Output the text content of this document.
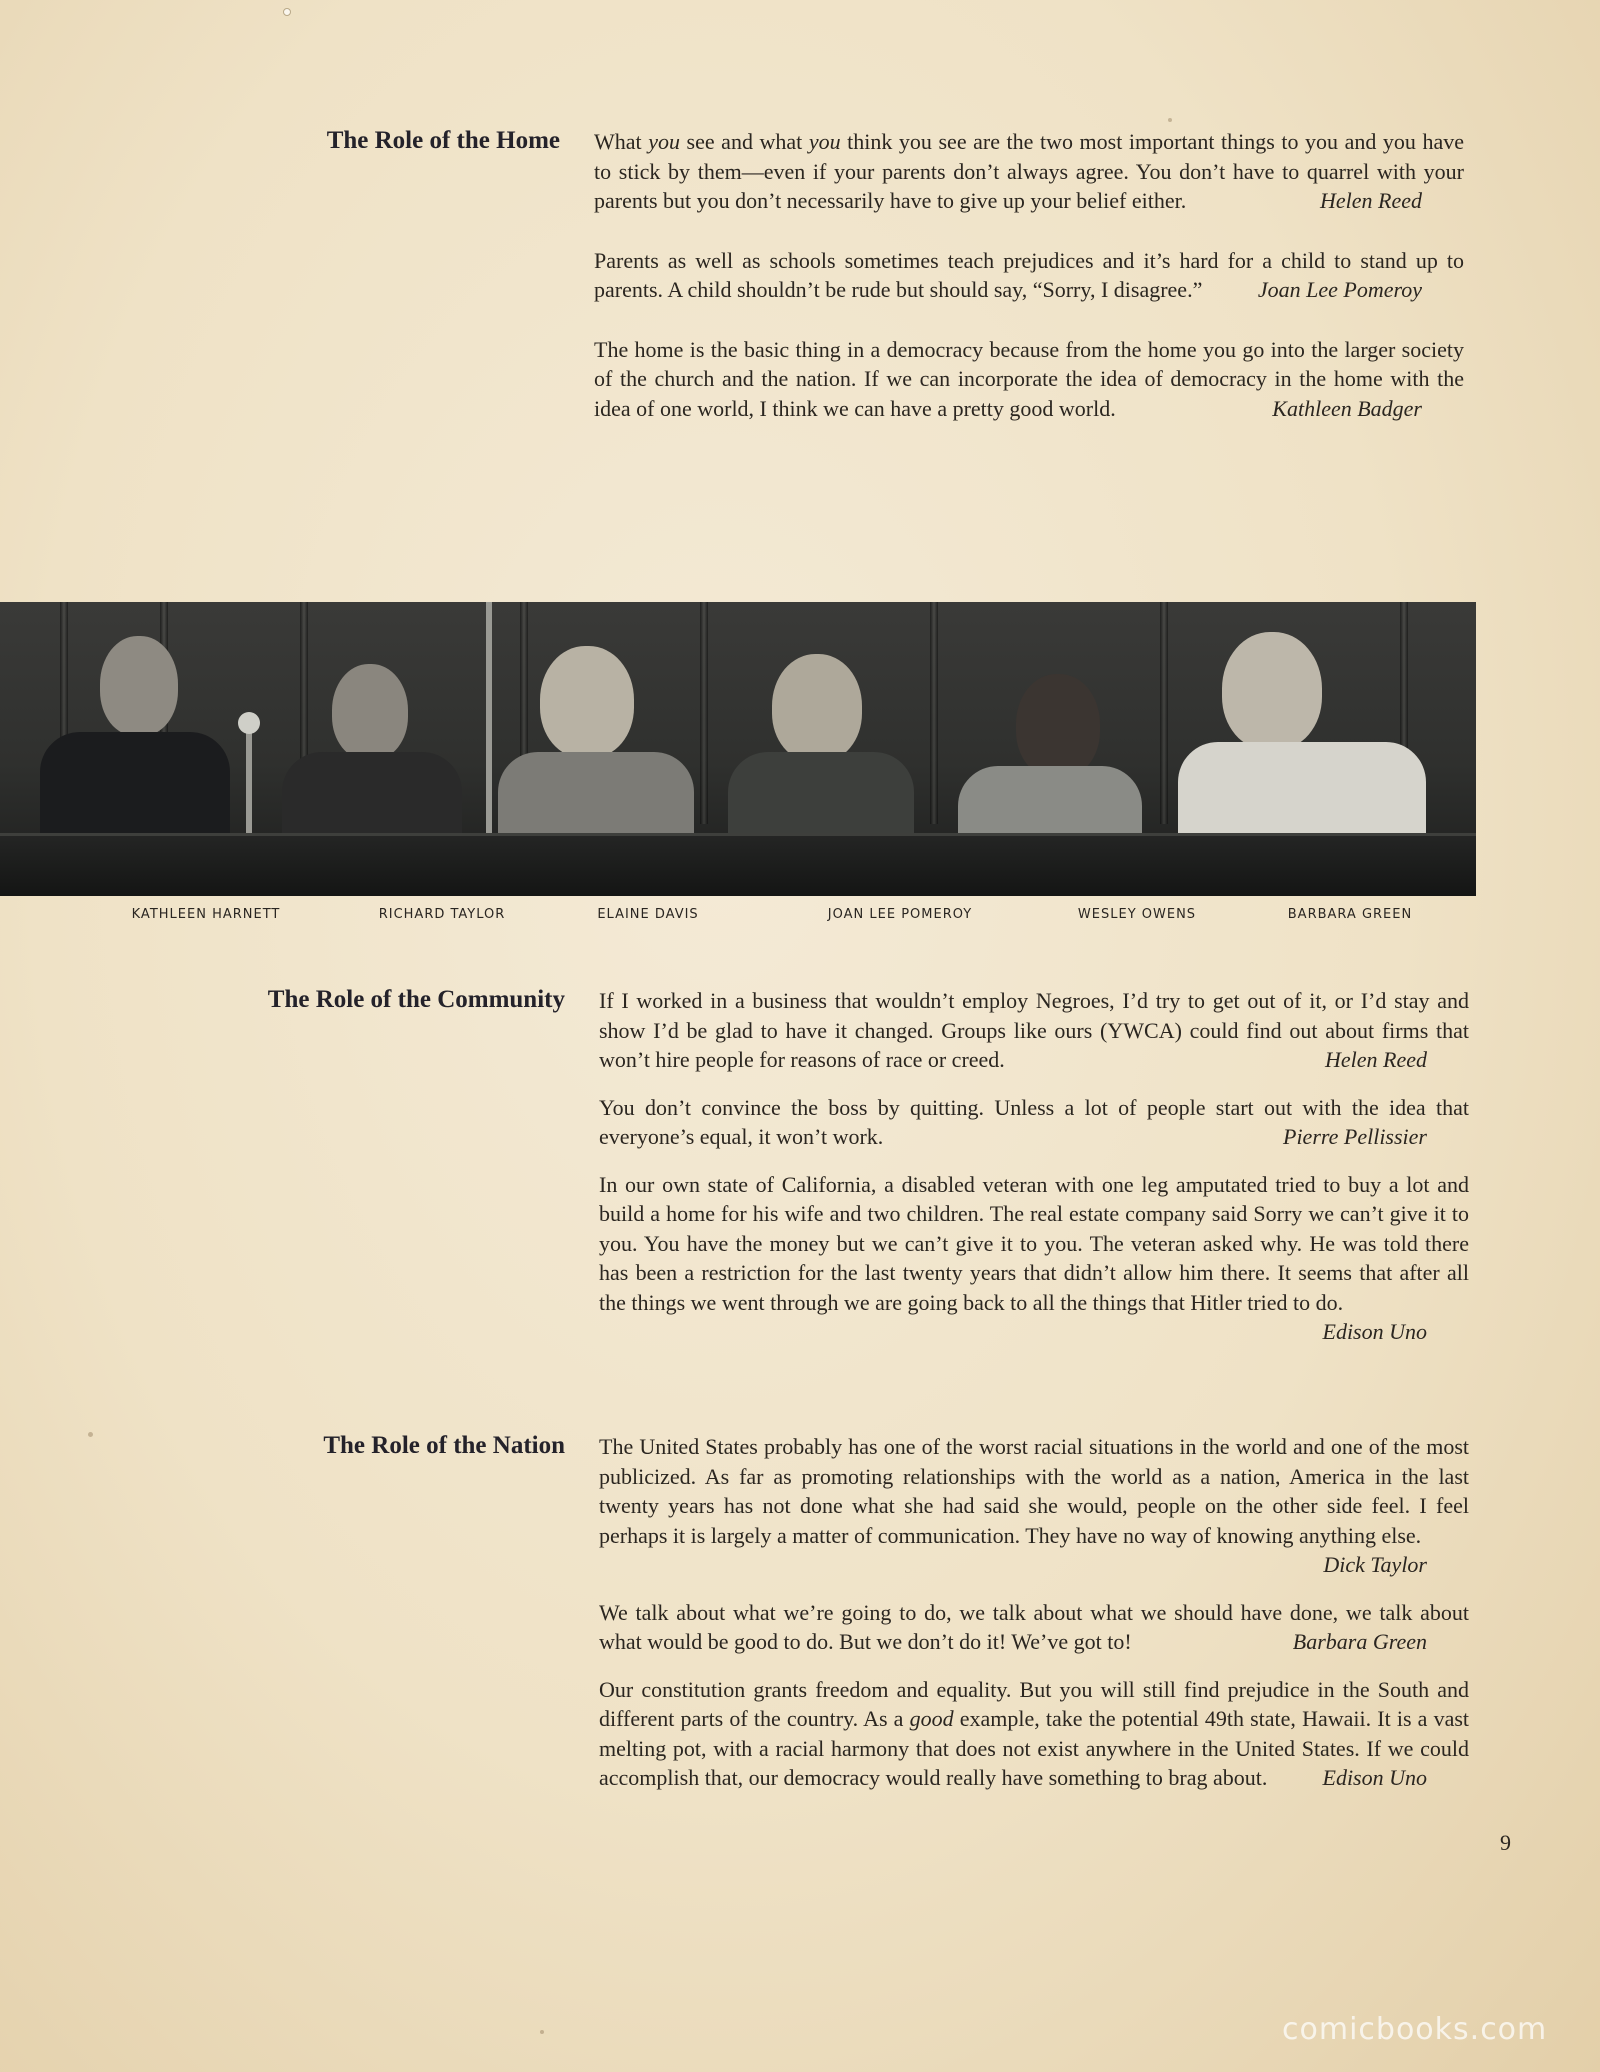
The Role of the Home What you see and what you think you see are the two most important things to you and you have to stick by them—even if your parents don’t always agree. You don’t have to quarrel with your parents but you don’t necessarily have to give up your belief either.	Helen Reed

Parents as well as schools sometimes teach prejudices and it’s hard for a child to stand up to parents. A child shouldn’t be rude but should say, “Sorry, I disagree.”	Joan Lee Pomeroy

The home is the basic thing in a democracy because from the home you go into the larger society of the church and the nation. If we can incorporate the idea of democracy in the home with the idea of one world, I think we can have a pretty good world.	Kathleen Badger

KATHLEEN HARNETT	RICHARD TAYLOR	ELAINE DAVIS	JOAN LEE POMEROY	WESLEY OWENS	BARBARA GREEN
The Role of the Community If I worked in a business that wouldn’t employ Negroes, I’d try to get out of it, or I’d stay and show I’d be glad to have it changed. Groups like ours (YWCA) could find out about firms that won’t hire people for reasons of race or creed.	Helen Reed

You don’t convince the boss by quitting. Unless a lot of people start out with the idea that everyone’s equal, it won’t work.	Pierre Pellissier

In our own state of California, a disabled veteran with one leg amputated tried to buy a lot and build a home for his wife and two children. The real estate company said Sorry we can’t give it to you. You have the money but we can’t give it to you. The veteran asked why. He was told there has been a restriction for the last twenty years that didn’t allow him there. It seems that after all the things we went through we are going back to all the things that Hitler tried to do.
Edison Uno

The Role of the Nation The United States probably has one of the worst racial situations in the world and one of the most publicized. As far as promoting relationships with the world as a nation, America in the last twenty years has not done what she had said she would, people on the other side feel. I feel perhaps it is largely a matter of communication. They have no way of knowing anything else.
Dick Taylor

We talk about what we’re going to do, we talk about what we should have done, we talk about what would be good to do. But we don’t do it! We’ve got to!	Barbara Green

Our constitution grants freedom and equality. But you will still find prejudice in the South and different parts of the country. As a good example, take the potential 49th state, Hawaii. It is a vast melting pot, with a racial harmony that does not exist anywhere in the United States. If we could accomplish that, our democracy would really have something to brag about.	Edison Uno

9
comicbooks.com
